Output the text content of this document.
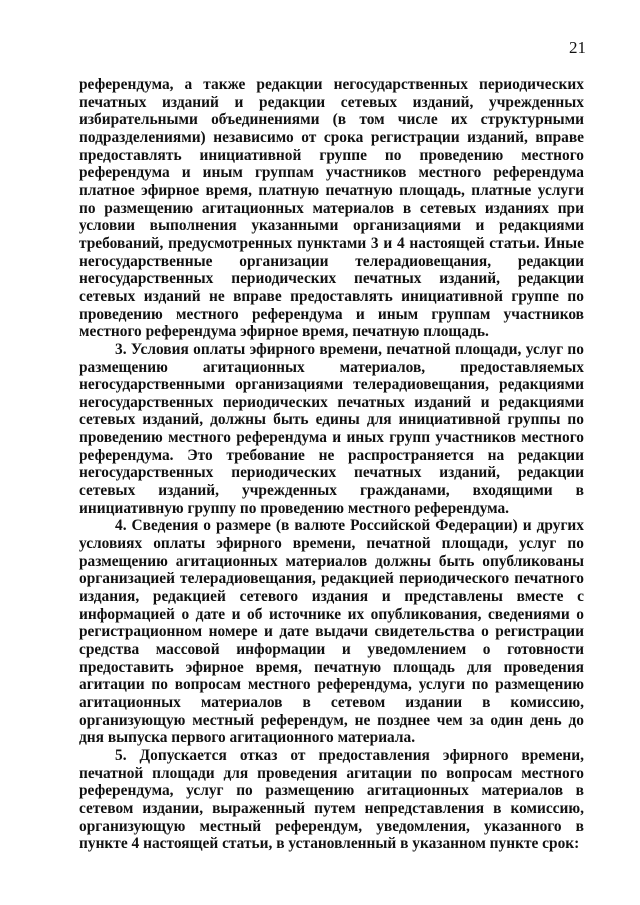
21

референдума, а также редакции негосударственных периодических печатных изданий и редакции сетевых изданий, учрежденных избирательными объединениями (в том числе их структурными подразделениями) независимо от срока регистрации изданий, вправе предоставлять инициативной группе по проведению местного референдума и иным группам участников местного референдума платное эфирное время, платную печатную площадь, платные услуги по размещению агитационных материалов в сетевых изданиях при условии выполнения указанными организациями и редакциями требований, предусмотренных пунктами 3 и 4 настоящей статьи. Иные негосударственные организации телерадиовещания, редакции негосударственных периодических печатных изданий, редакции сетевых изданий не вправе предоставлять инициативной группе по проведению местного референдума и иным группам участников местного референдума эфирное время, печатную площадь.

3. Условия оплаты эфирного времени, печатной площади, услуг по размещению агитационных материалов, предоставляемых негосударственными организациями телерадиовещания, редакциями негосударственных периодических печатных изданий и редакциями сетевых изданий, должны быть едины для инициативной группы по проведению местного референдума и иных групп участников местного референдума. Это требование не распространяется на редакции негосударственных периодических печатных изданий, редакции сетевых изданий, учрежденных гражданами, входящими в инициативную группу по проведению местного референдума.

4. Сведения о размере (в валюте Российской Федерации) и других условиях оплаты эфирного времени, печатной площади, услуг по размещению агитационных материалов должны быть опубликованы организацией телерадиовещания, редакцией периодического печатного издания, редакцией сетевого издания и представлены вместе с информацией о дате и об источнике их опубликования, сведениями о регистрационном номере и дате выдачи свидетельства о регистрации средства массовой информации и уведомлением о готовности предоставить эфирное время, печатную площадь для проведения агитации по вопросам местного референдума, услуги по размещению агитационных материалов в сетевом издании в комиссию, организующую местный референдум, не позднее чем за один день до дня выпуска первого агитационного материала.

5. Допускается отказ от предоставления эфирного времени, печатной площади для проведения агитации по вопросам местного референдума, услуг по размещению агитационных материалов в сетевом издании, выраженный путем непредставления в комиссию, организующую местный референдум, уведомления, указанного в пункте 4 настоящей статьи, в установленный в указанном пункте срок:
